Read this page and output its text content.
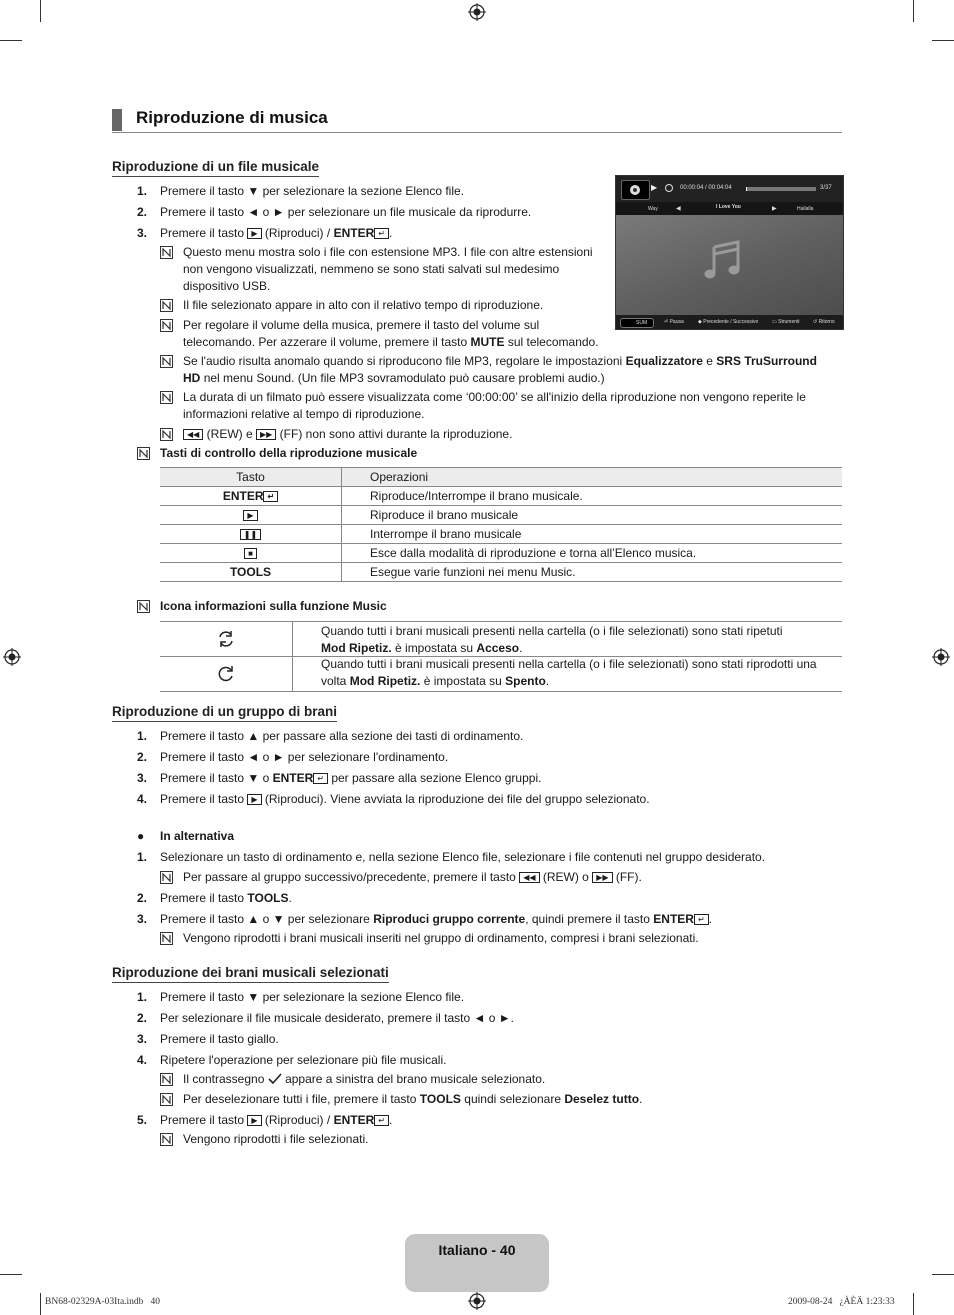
Riproduzione di musica
Riproduzione di un file musicale
1. Premere il tasto ▼ per selezionare la sezione Elenco file.
2. Premere il tasto ◄ o ► per selezionare un file musicale da riprodurre.
3. Premere il tasto ▶ (Riproduci) / ENTER ↵ .
Questo menu mostra solo i file con estensione MP3. I file con altre estensioni
non vengono visualizzati, nemmeno se sono stati salvati sul medesimo
dispositivo USB.
Il file selezionato appare in alto con il relativo tempo di riproduzione.
Per regolare il volume della musica, premere il tasto del volume sul
telecomando. Per azzerare il volume, premere il tasto MUTE sul telecomando.
Se l'audio risulta anomalo quando si riproducono file MP3, regolare le impostazioni Equalizzatore e SRS TruSurround
HD nel menu Sound. (Un file MP3 sovramodulato può causare problemi audio.)
La durata di un filmato può essere visualizzata come ‘00:00:00’ se all'inizio della riproduzione non vengono reperite le
informazioni relative al tempo di riproduzione.
◀◀ (REW) e ▶▶ (FF) non sono attivi durante la riproduzione.
Tasti di controllo della riproduzione musicale
Tasto	Operazioni
ENTER ↵	Riproduce/Interrompe il brano musicale.
▶	Riproduce il brano musicale
❚❚	Interrompe il brano musicale
■	Esce dalla modalità di riproduzione e torna all’Elenco musica.
TOOLS	Esegue varie funzioni nei menu Music.
Icona informazioni sulla funzione Music
Quando tutti i brani musicali presenti nella cartella (o i file selezionati) sono stati ripetuti
Mod Ripetiz. è impostata su Acceso.
Quando tutti i brani musicali presenti nella cartella (o i file selezionati) sono stati riprodotti una
volta Mod Ripetiz. è impostata su Spento.
Riproduzione di un gruppo di brani
1. Premere il tasto ▲ per passare alla sezione dei tasti di ordinamento.
2. Premere il tasto ◄ o ► per selezionare l'ordinamento.
3. Premere il tasto ▼ o ENTER ↵ per passare alla sezione Elenco gruppi.
4. Premere il tasto ▶ (Riproduci). Viene avviata la riproduzione dei file del gruppo selezionato.
● In alternativa
1. Selezionare un tasto di ordinamento e, nella sezione Elenco file, selezionare i file contenuti nel gruppo desiderato.
Per passare al gruppo successivo/precedente, premere il tasto ◀◀ (REW) o ▶▶ (FF).
2. Premere il tasto TOOLS.
3. Premere il tasto ▲ o ▼ per selezionare Riproduci gruppo corrente, quindi premere il tasto ENTER ↵ .
Vengono riprodotti i brani musicali inseriti nel gruppo di ordinamento, compresi i brani selezionati.
Riproduzione dei brani musicali selezionati
1. Premere il tasto ▼ per selezionare la sezione Elenco file.
2. Per selezionare il file musicale desiderato, premere il tasto ◄ o ►.
3. Premere il tasto giallo.
4. Ripetere l'operazione per selezionare più file musicali.
Il contrassegno appare a sinistra del brano musicale selezionato.
Per deselezionare tutti i file, premere il tasto TOOLS quindi selezionare Deselez tutto.
5. Premere il tasto ▶ (Riproduci) / ENTER ↵ .
Vengono riprodotti i file selezionati.
▶	00:00:04 / 00:04:04	3/37
Way	◀	I Love You	▶	Hallalla
SUM	⏎ Pausa	◆ Precedente / Successivo	▭ Strumenti	↺ Ritorno
Italiano - 40
BN68-02329A-03Ita.indb   40	2009-08-24   ¿ÀÈÄ 1:23:33
